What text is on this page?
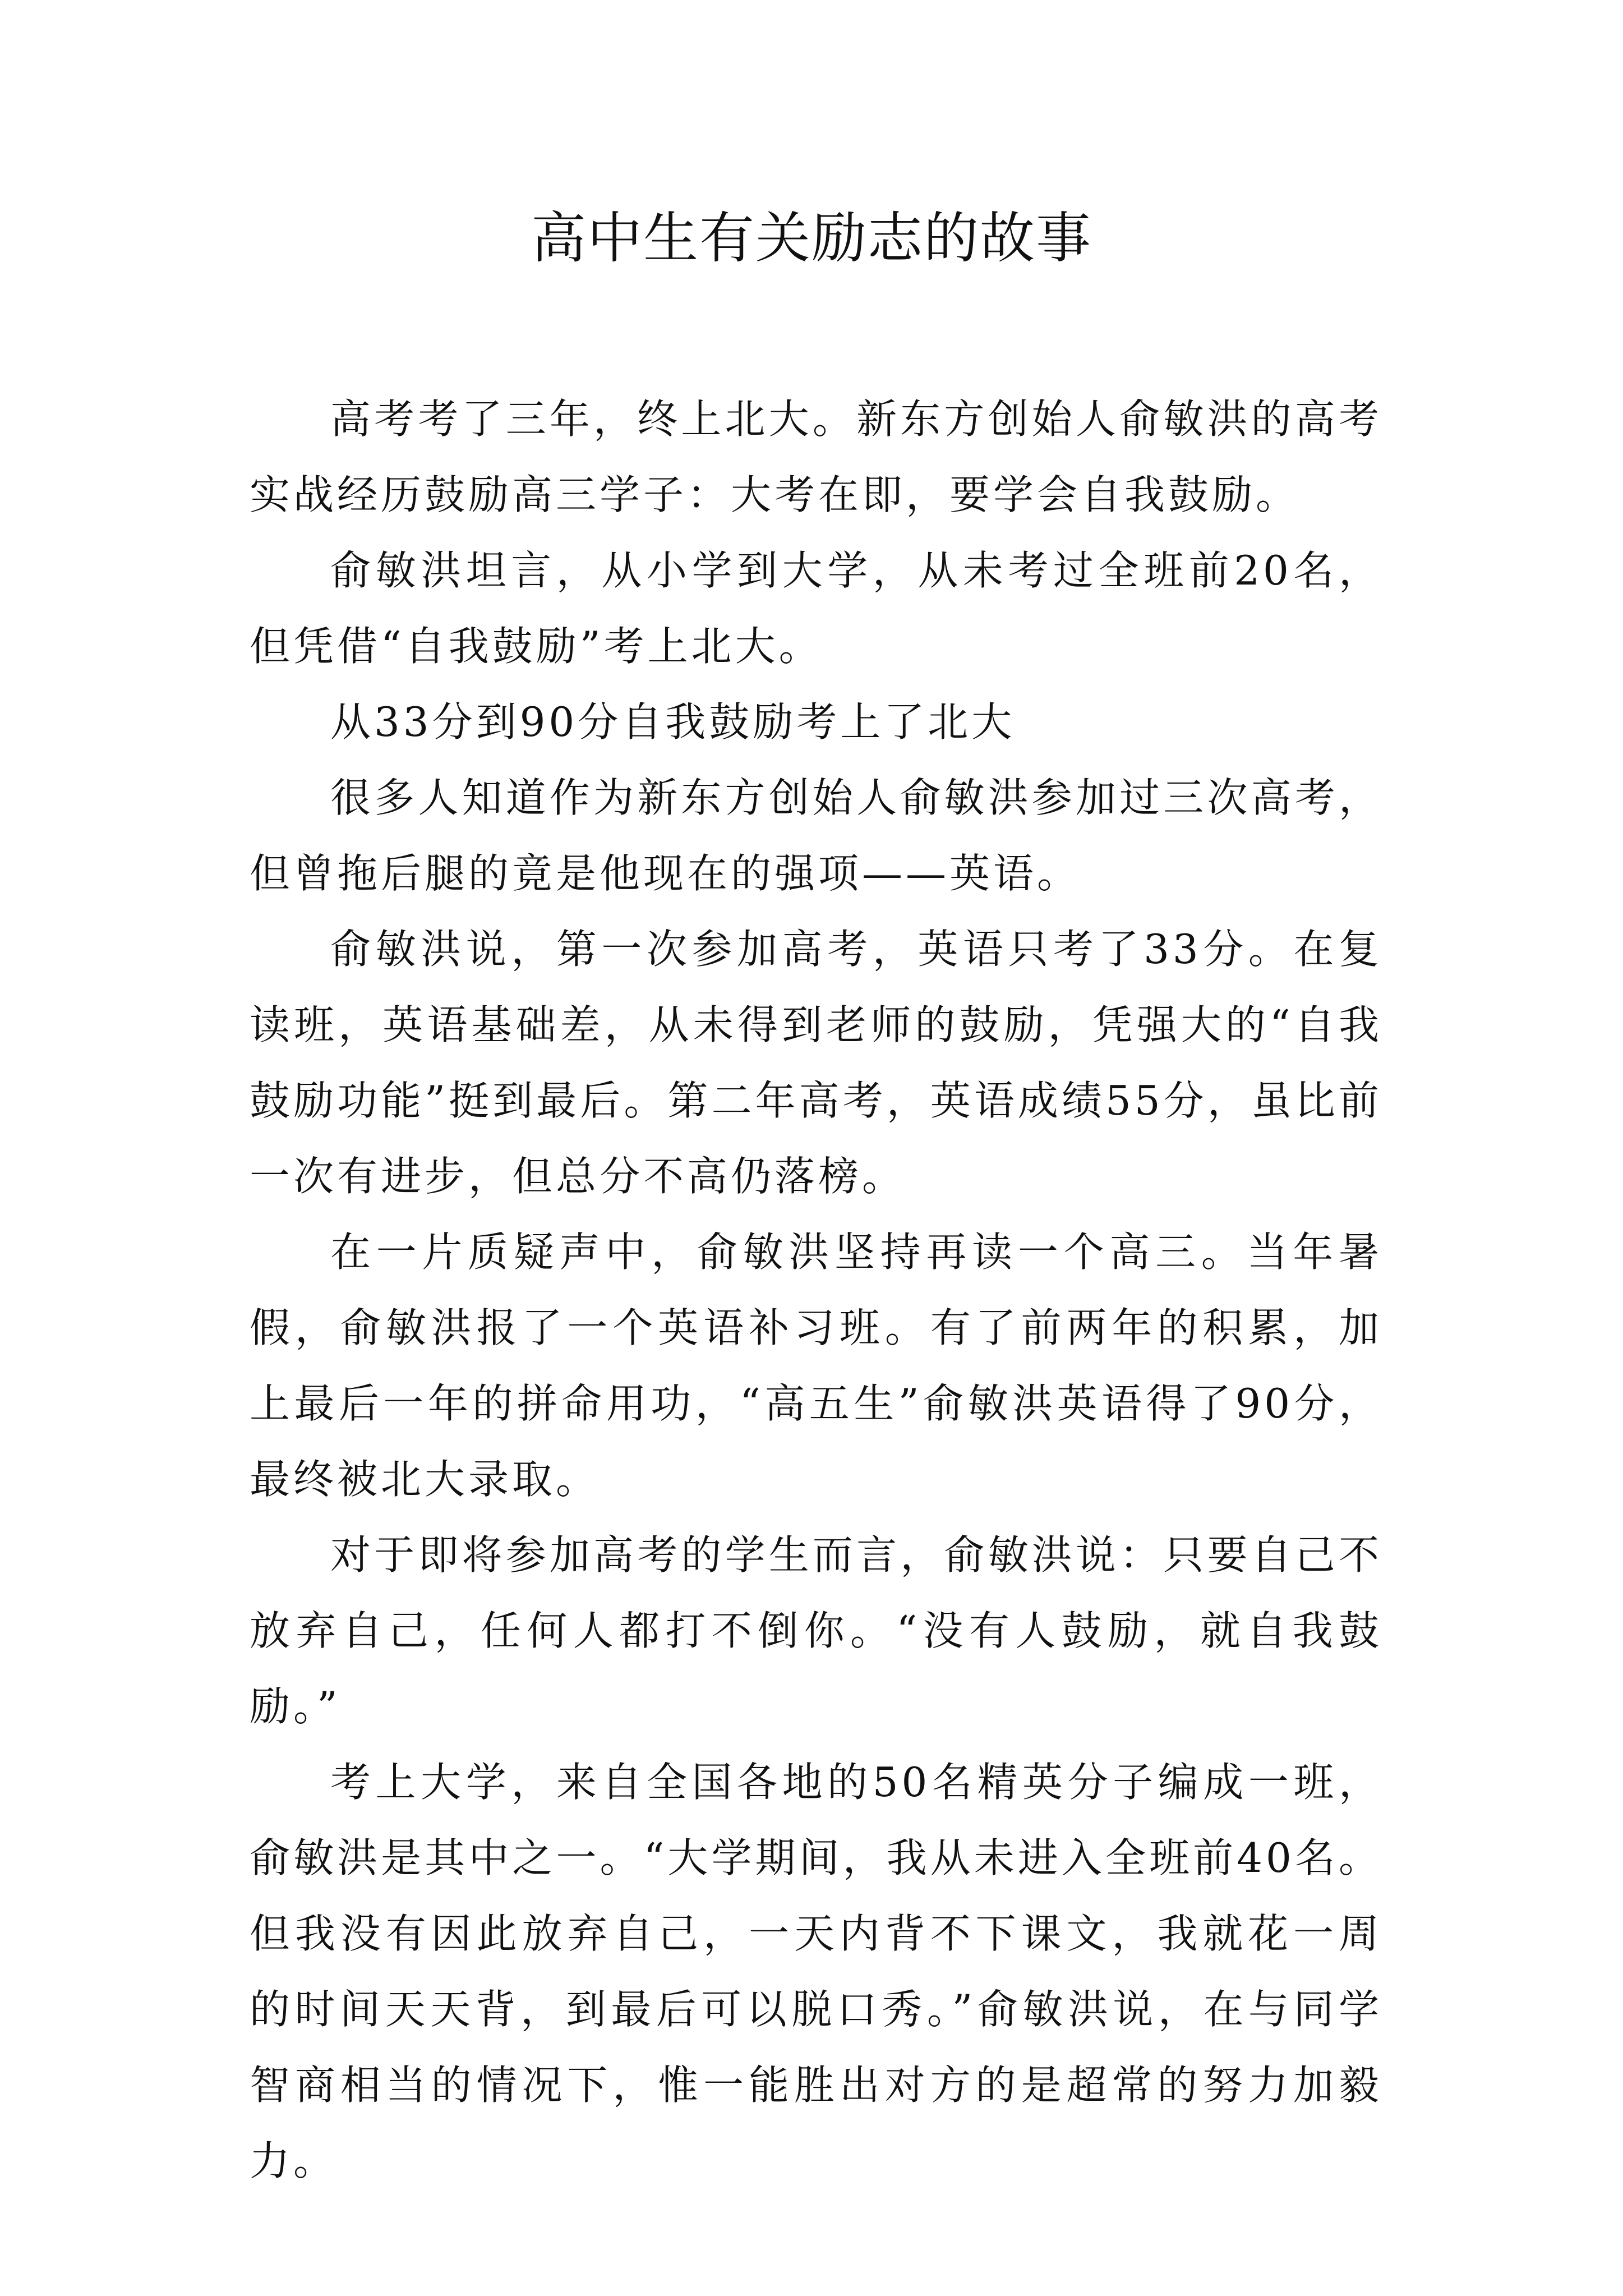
高中生有关励志的故事

高考考了三年，终上北大。新东方创始人俞敏洪的高考实战经历鼓励高三学子：大考在即，要学会自我鼓励。

俞敏洪坦言，从小学到大学，从未考过全班前20名，但凭借“自我鼓励”考上北大。

从33分到90分自我鼓励考上了北大

很多人知道作为新东方创始人俞敏洪参加过三次高考，但曾拖后腿的竟是他现在的强项——英语。

俞敏洪说，第一次参加高考，英语只考了33分。在复读班，英语基础差，从未得到老师的鼓励，凭强大的“自我鼓励功能”挺到最后。第二年高考，英语成绩55分，虽比前一次有进步，但总分不高仍落榜。

在一片质疑声中，俞敏洪坚持再读一个高三。当年暑假，俞敏洪报了一个英语补习班。有了前两年的积累，加上最后一年的拼命用功，“高五生”俞敏洪英语得了90分，最终被北大录取。

对于即将参加高考的学生而言，俞敏洪说：只要自己不放弃自己，任何人都打不倒你。“没有人鼓励，就自我鼓励。”

考上大学，来自全国各地的50名精英分子编成一班，俞敏洪是其中之一。“大学期间，我从未进入全班前40名。但我没有因此放弃自己，一天内背不下课文，我就花一周的时间天天背，到最后可以脱口秀。”俞敏洪说，在与同学智商相当的情况下，惟一能胜出对方的是超常的努力加毅力。
